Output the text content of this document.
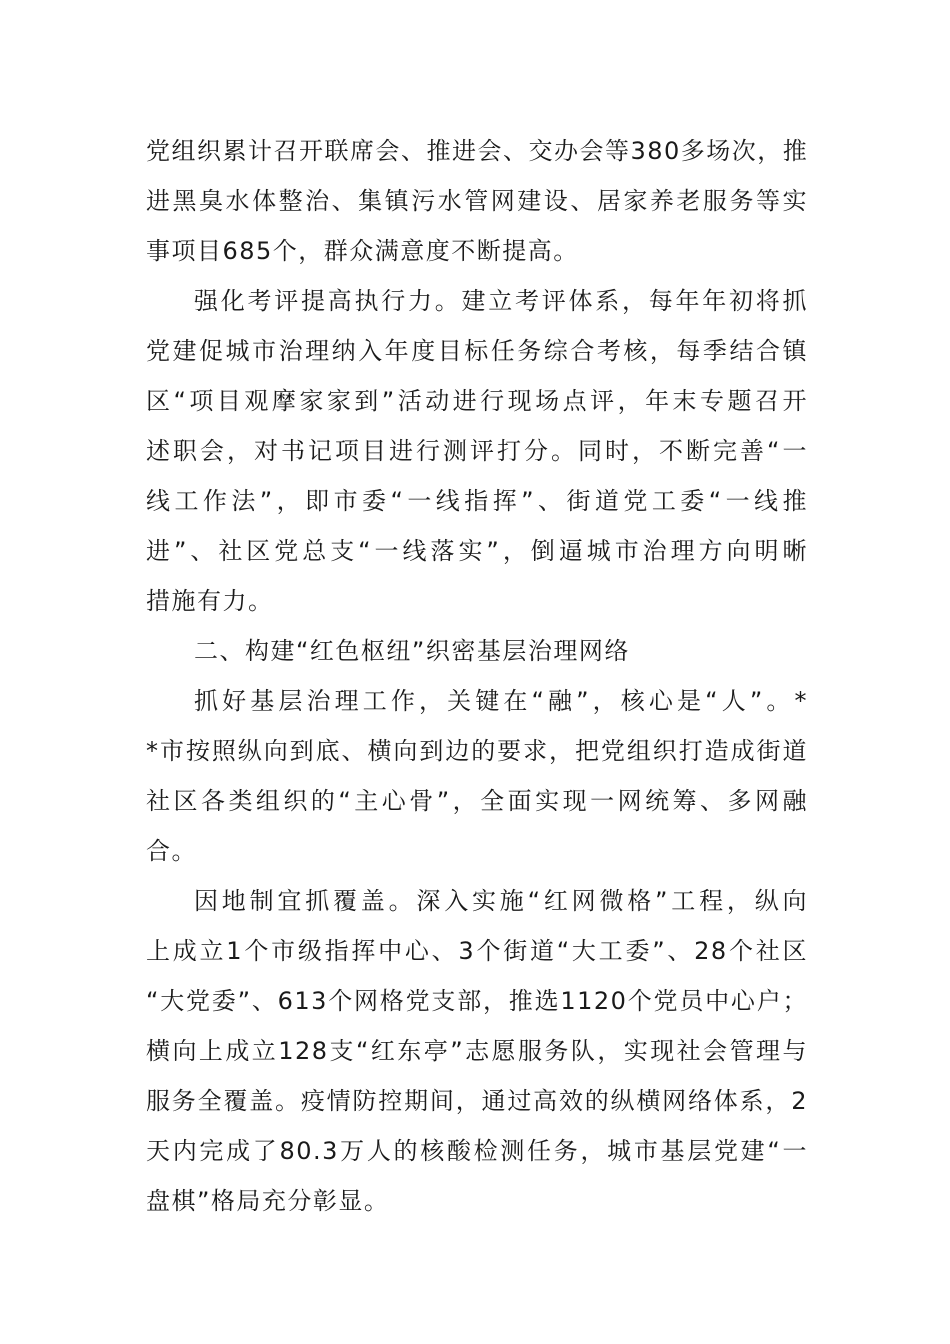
党组织累计召开联席会、推进会、交办会等380多场次，推
进黑臭水体整治、集镇污水管网建设、居家养老服务等实
事项目685个，群众满意度不断提高。
强化考评提高执行力。建立考评体系，每年年初将抓
党建促城市治理纳入年度目标任务综合考核，每季结合镇
区“项目观摩家家到”活动进行现场点评，年末专题召开
述职会，对书记项目进行测评打分。同时，不断完善“一
线工作法”，即市委“一线指挥”、街道党工委“一线推
进”、社区党总支“一线落实”，倒逼城市治理方向明晰
措施有力。
二、构建“红色枢纽”织密基层治理网络
抓好基层治理工作，关键在“融”，核心是“人”。*
*市按照纵向到底、横向到边的要求，把党组织打造成街道
社区各类组织的“主心骨”，全面实现一网统筹、多网融
合。
因地制宜抓覆盖。深入实施“红网微格”工程，纵向
上成立1个市级指挥中心、3个街道“大工委”、28个社区
“大党委”、613个网格党支部，推选1120个党员中心户；
横向上成立128支“红东亭”志愿服务队，实现社会管理与
服务全覆盖。疫情防控期间，通过高效的纵横网络体系，2
天内完成了80.3万人的核酸检测任务，城市基层党建“一
盘棋”格局充分彰显。
